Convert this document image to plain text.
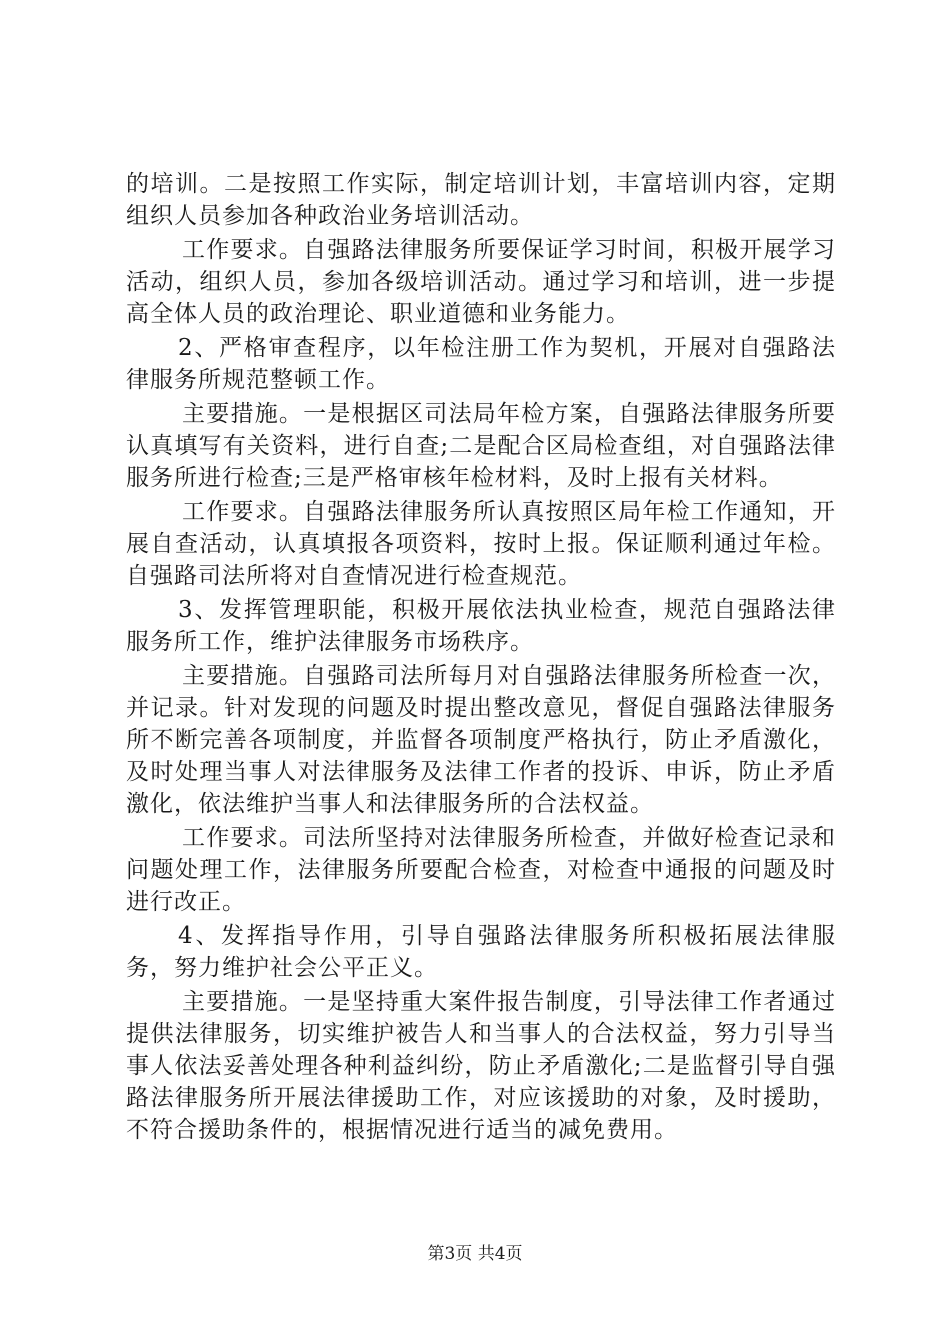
的培训。二是按照工作实际，制定培训计划，丰富培训内容，定期组织人员参加各种政治业务培训活动。

工作要求。自强路法律服务所要保证学习时间，积极开展学习活动，组织人员，参加各级培训活动。通过学习和培训，进一步提高全体人员的政治理论、职业道德和业务能力。

2、严格审查程序，以年检注册工作为契机，开展对自强路法律服务所规范整顿工作。

主要措施。一是根据区司法局年检方案，自强路法律服务所要认真填写有关资料，进行自查;二是配合区局检查组，对自强路法律服务所进行检查;三是严格审核年检材料，及时上报有关材料。

工作要求。自强路法律服务所认真按照区局年检工作通知，开展自查活动，认真填报各项资料，按时上报。保证顺利通过年检。自强路司法所将对自查情况进行检查规范。

3、发挥管理职能，积极开展依法执业检查，规范自强路法律服务所工作，维护法律服务市场秩序。

主要措施。自强路司法所每月对自强路法律服务所检查一次，并记录。针对发现的问题及时提出整改意见，督促自强路法律服务所不断完善各项制度，并监督各项制度严格执行，防止矛盾激化，及时处理当事人对法律服务及法律工作者的投诉、申诉，防止矛盾激化，依法维护当事人和法律服务所的合法权益。

工作要求。司法所坚持对法律服务所检查，并做好检查记录和问题处理工作，法律服务所要配合检查，对检查中通报的问题及时进行改正。

4、发挥指导作用，引导自强路法律服务所积极拓展法律服务，努力维护社会公平正义。

主要措施。一是坚持重大案件报告制度，引导法律工作者通过提供法律服务，切实维护被告人和当事人的合法权益，努力引导当事人依法妥善处理各种利益纠纷，防止矛盾激化;二是监督引导自强路法律服务所开展法律援助工作，对应该援助的对象，及时援助，不符合援助条件的，根据情况进行适当的减免费用。

第3页 共4页
